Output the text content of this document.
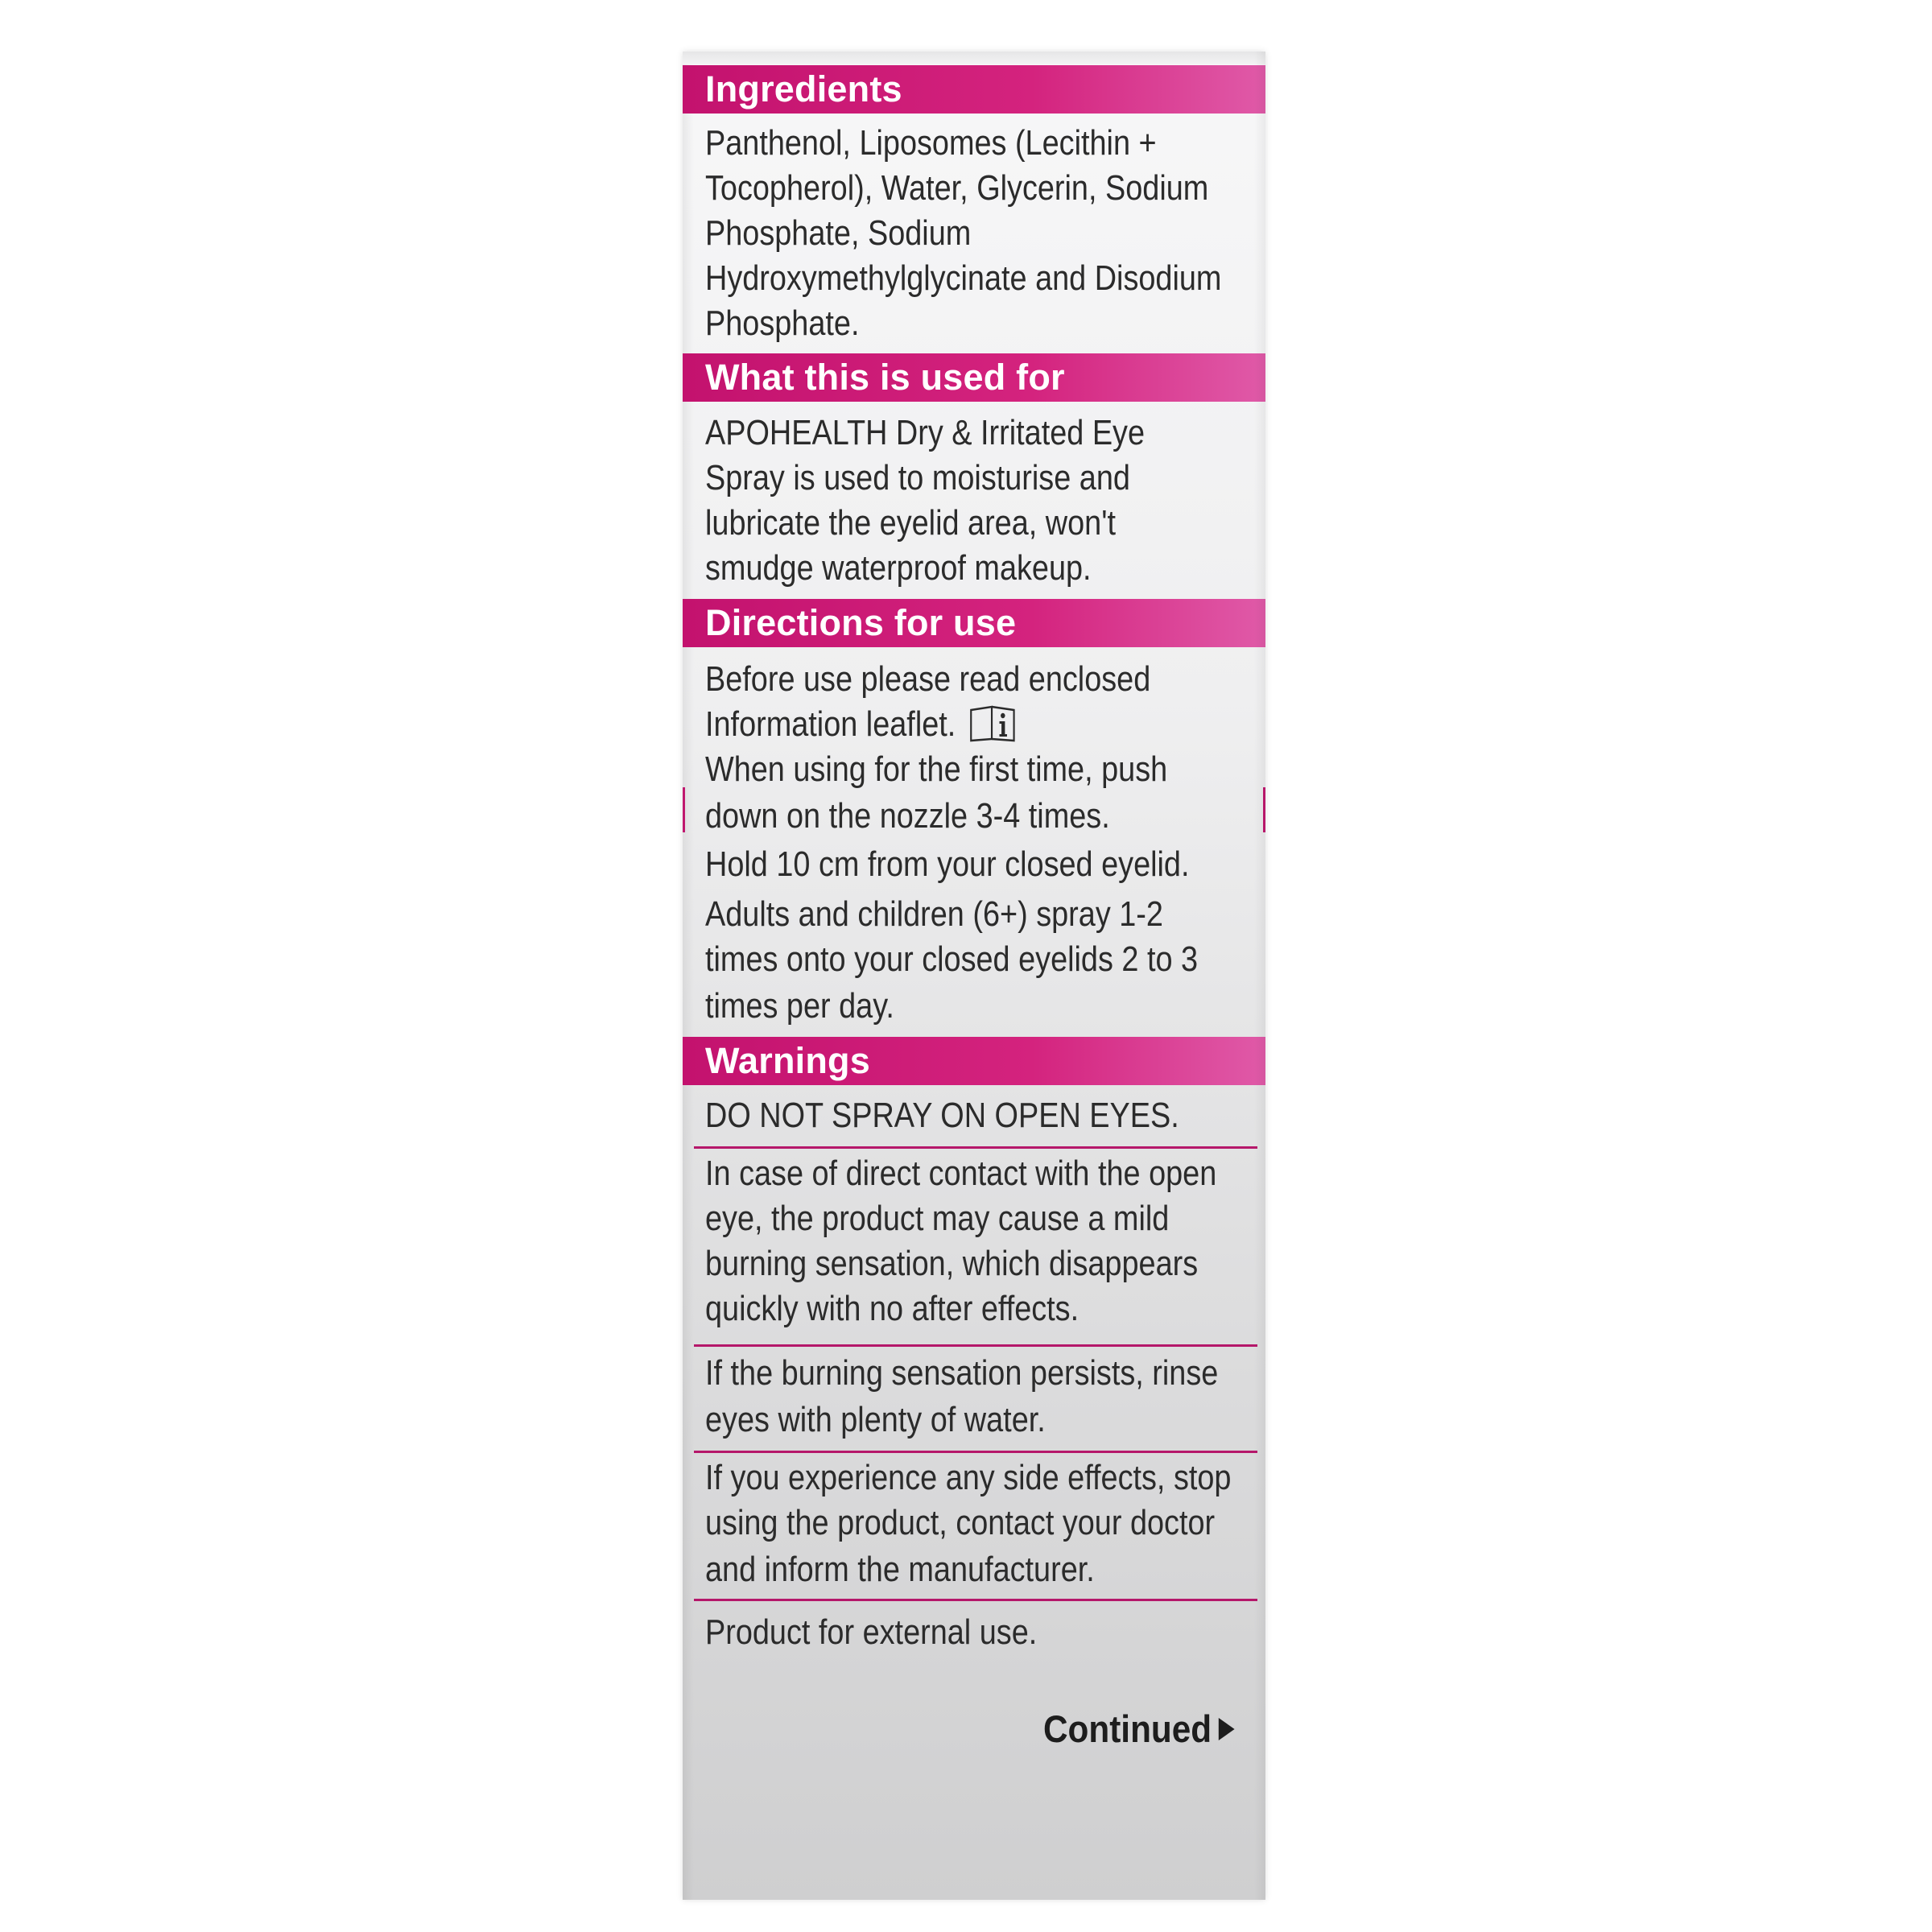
Ingredients

Panthenol, Liposomes (Lecithin +

Tocopherol), Water, Glycerin, Sodium

Phosphate, Sodium

Hydroxymethylglycinate and Disodium

Phosphate.

What this is used for

APOHEALTH Dry & Irritated Eye

Spray is used to moisturise and

lubricate the eyelid area, won't

smudge waterproof makeup.

Directions for use

Before use please read enclosed

Information leaflet.

When using for the first time, push

down on the nozzle 3-4 times.

Hold 10 cm from your closed eyelid.

Adults and children (6+) spray 1-2

times onto your closed eyelids 2 to 3

times per day.

Warnings

DO NOT SPRAY ON OPEN EYES.

In case of direct contact with the open

eye, the product may cause a mild

burning sensation, which disappears

quickly with no after effects.

If the burning sensation persists, rinse

eyes with plenty of water.

If you experience any side effects, stop

using the product, contact your doctor

and inform the manufacturer.

Product for external use.

Continued
